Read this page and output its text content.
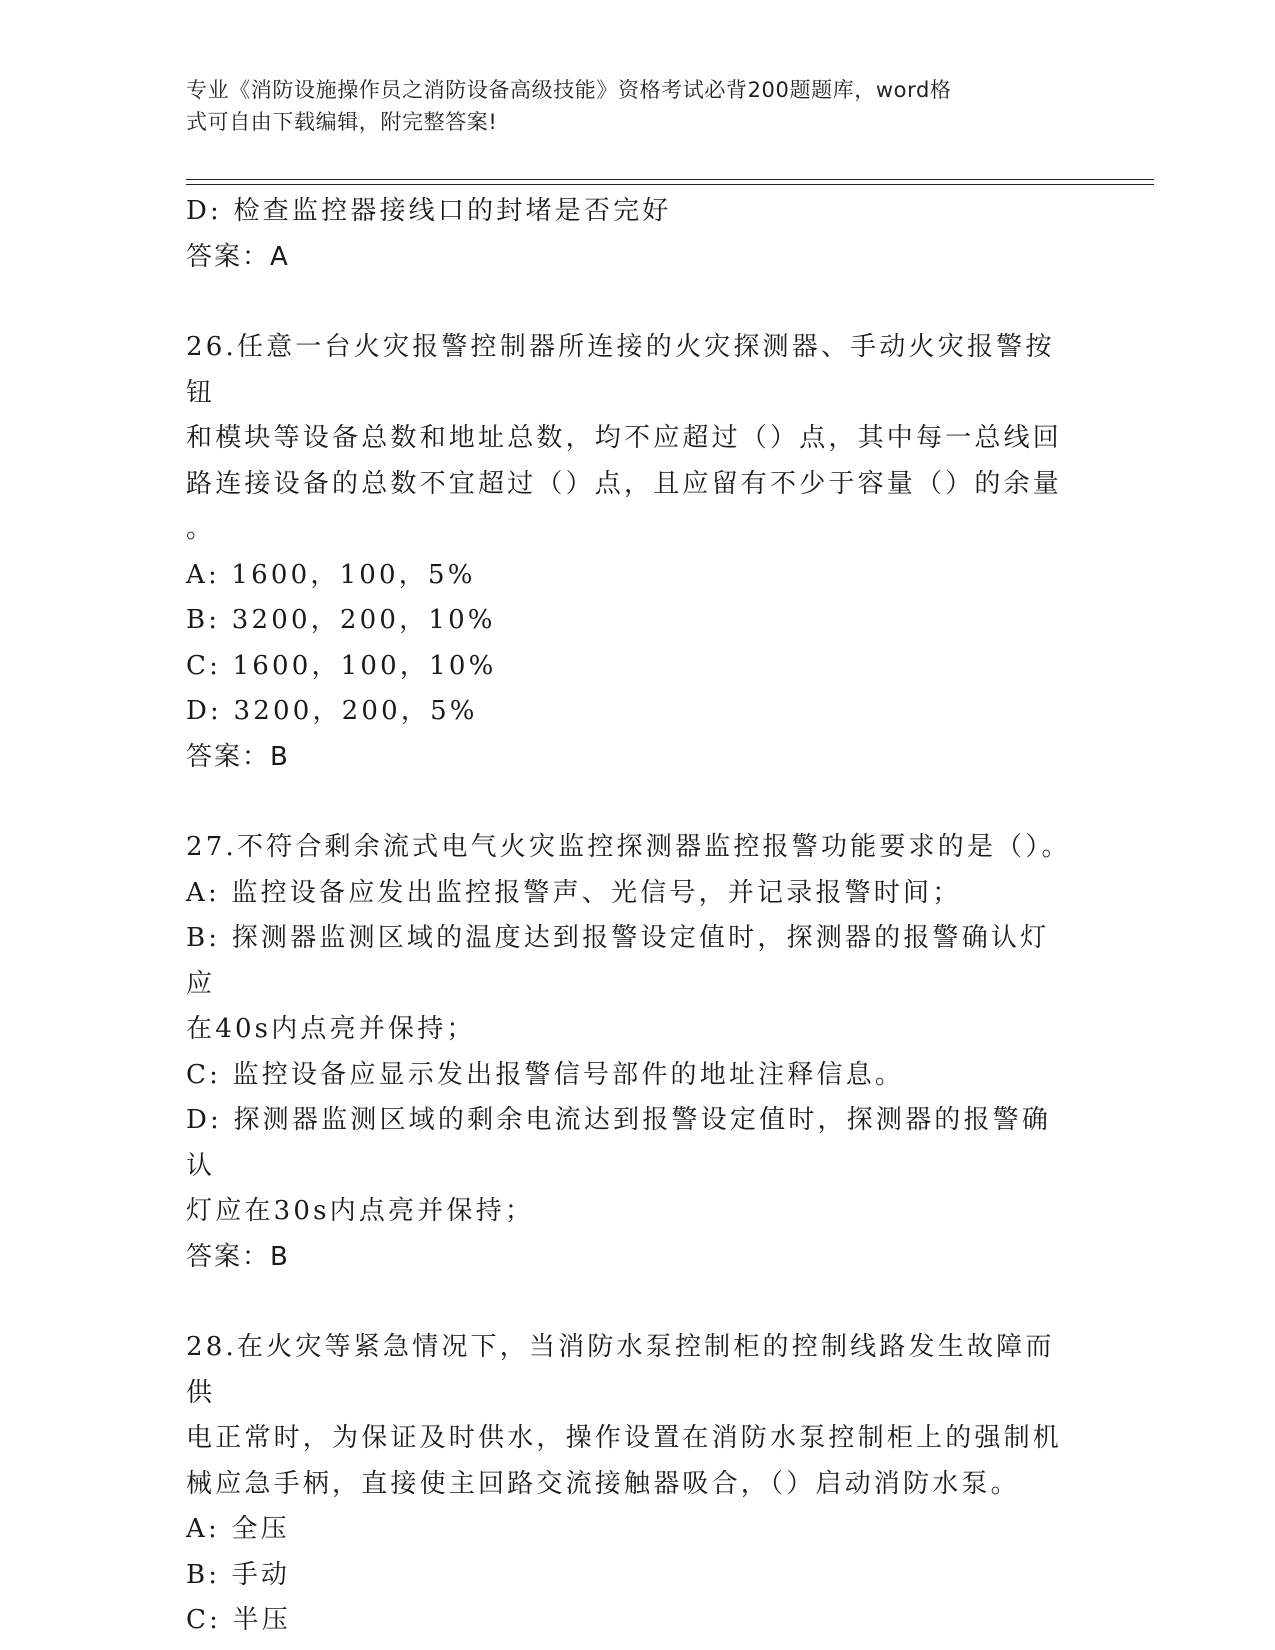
专业《消防设施操作员之消防设备高级技能》资格考试必背200题题库，word格
式可自由下载编辑，附完整答案!
D: 检查监控器接线口的封堵是否完好
答案：A
26.任意一台火灾报警控制器所连接的火灾探测器、手动火灾报警按钮
和模块等设备总数和地址总数，均不应超过（）点，其中每一总线回
路连接设备的总数不宜超过（）点，且应留有不少于容量（）的余量
。
A: 1600，100，5%
B: 3200，200，10%
C: 1600，100，10%
D: 3200，200，5%
答案：B
27.不符合剩余流式电气火灾监控探测器监控报警功能要求的是（）。
A: 监控设备应发出监控报警声、光信号，并记录报警时间；
B: 探测器监测区域的温度达到报警设定值时，探测器的报警确认灯应
在40s内点亮并保持；
C: 监控设备应显示发出报警信号部件的地址注释信息。
D: 探测器监测区域的剩余电流达到报警设定值时，探测器的报警确认
灯应在30s内点亮并保持；
答案：B
28.在火灾等紧急情况下，当消防水泵控制柜的控制线路发生故障而供
电正常时，为保证及时供水，操作设置在消防水泵控制柜上的强制机
械应急手柄，直接使主回路交流接触器吸合，（）启动消防水泵。
A: 全压
B: 手动
C: 半压
